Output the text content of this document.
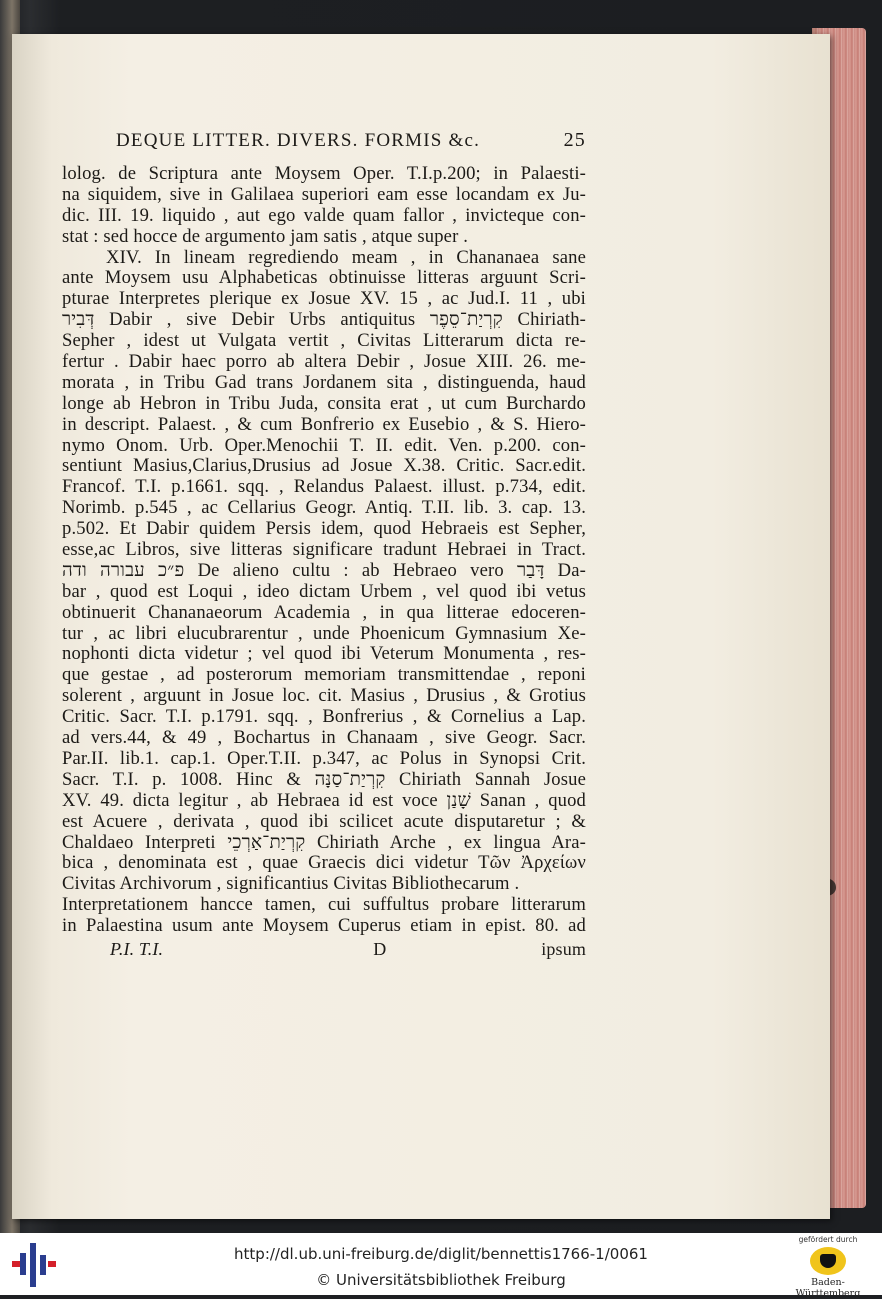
DEQUE LITTER. DIVERS. FORMIS &c.	25
lolog. de Scriptura ante Moysem Oper. T.I.p.200; in Palaesti-
na siquidem, sive in Galilaea superiori eam esse locandam ex Ju-
dic. III. 19. liquido , aut ego valde quam fallor , invicteque con-
stat : sed hocce de argumento jam satis , atque super .
XIV. In lineam regrediendo meam , in Chananaea sane
ante Moysem usu Alphabeticas obtinuisse litteras arguunt Scri-
pturae Interpretes plerique ex Josue XV. 15 , ac Jud.I. 11 , ubi
דְּבִיר Dabir , sive Debir Urbs antiquitus קִרְיַת־סֵפֶר Chiriath-
Sepher , idest ut Vulgata vertit , Civitas Litterarum dicta re-
fertur . Dabir haec porro ab altera Debir , Josue XIII. 26. me-
morata , in Tribu Gad trans Jordanem sita , distinguenda, haud
longe ab Hebron in Tribu Juda, consita erat , ut cum Burchardo
in descript. Palaest. , & cum Bonfrerio ex Eusebio , & S. Hiero-
nymo Onom. Urb. Oper.Menochii T. II. edit. Ven. p.200. con-
sentiunt Masius,Clarius,Drusius ad Josue X.38. Critic. Sacr.edit.
Francof. T.I. p.1661. sqq. , Relandus Palaest. illust. p.734, edit.
Norimb. p.545 , ac Cellarius Geogr. Antiq. T.II. lib. 3. cap. 13.
p.502. Et Dabir quidem Persis idem, quod Hebraeis est Sepher,
esse,ac Libros, sive litteras significare tradunt Hebraei in Tract.
פ״כ עבורה ודה De alieno cultu : ab Hebraeo vero דָּבַר Da-
bar , quod est Loqui , ideo dictam Urbem , vel quod ibi vetus
obtinuerit Chananaeorum Academia , in qua litterae edoceren-
tur , ac libri elucubrarentur , unde Phoenicum Gymnasium Xe-
nophonti dicta videtur ; vel quod ibi Veterum Monumenta , res-
que gestae , ad posterorum memoriam transmittendae , reponi
solerent , arguunt in Josue loc. cit. Masius , Drusius , & Grotius
Critic. Sacr. T.I. p.1791. sqq. , Bonfrerius , & Cornelius a Lap.
ad vers.44, & 49 , Bochartus in Chanaam , sive Geogr. Sacr.
Par.II. lib.1. cap.1. Oper.T.II. p.347, ac Polus in Synopsi Crit.
Sacr. T.I. p. 1008. Hinc & קִרְיַת־סַנָּה Chiriath Sannah Josue
XV. 49. dicta legitur , ab Hebraea id est voce שָׁנַן Sanan , quod
est Acuere , derivata , quod ibi scilicet acute disputaretur ; &
Chaldaeo Interpreti קִרְיַת־אַרְכֵי Chiriath Arche , ex lingua Ara-
bica , denominata est , quae Graecis dici videtur Τῶν Ἀρχείων
Civitas Archivorum , significantius Civitas Bibliothecarum .
Interpretationem hancce tamen, cui suffultus probare litterarum
in Palaestina usum ante Moysem Cuperus etiam in epist. 80. ad
P.I. T.I.	D	ipsum
http://dl.ub.uni-freiburg.de/diglit/bennettis1766-1/0061
© Universitätsbibliothek Freiburg
gefördert durch
Baden-Württemberg
